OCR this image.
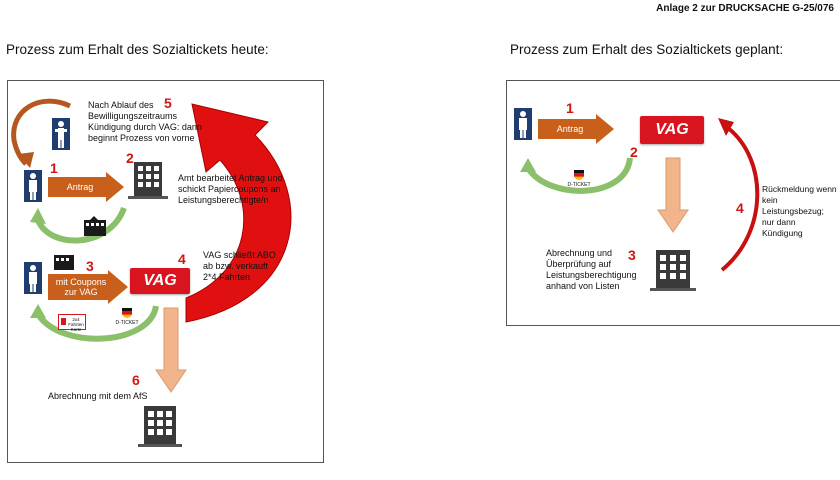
Anlage 2 zur DRUCKSACHE G-25/076
Prozess zum Erhalt des Sozialtickets heute:
Nach Ablauf des Bewilligungszeitraums Kündigung durch VAG: dann beginnt Prozess von vorne
5
1
Antrag
2
Amt bearbeitet Antrag und schickt Papiercoupons an Leistungsberechtigte/n
3
mit Coupons zur VAG
VAG
4 VAG schließt ABO ab bzw. verkauft 2*4 Fahrten
2x4 Fahrten Karte
D-TICKET
6
Abrechnung mit dem AfS
Prozess zum Erhalt des Sozialtickets geplant:
1
Antrag	VAG
2
D-TICKET
3
Abrechnung und Überprüfung auf Leistungsberechtigung anhand von Listen
4
Rückmeldung wenn kein Leistungsbezug; nur dann Kündigung
